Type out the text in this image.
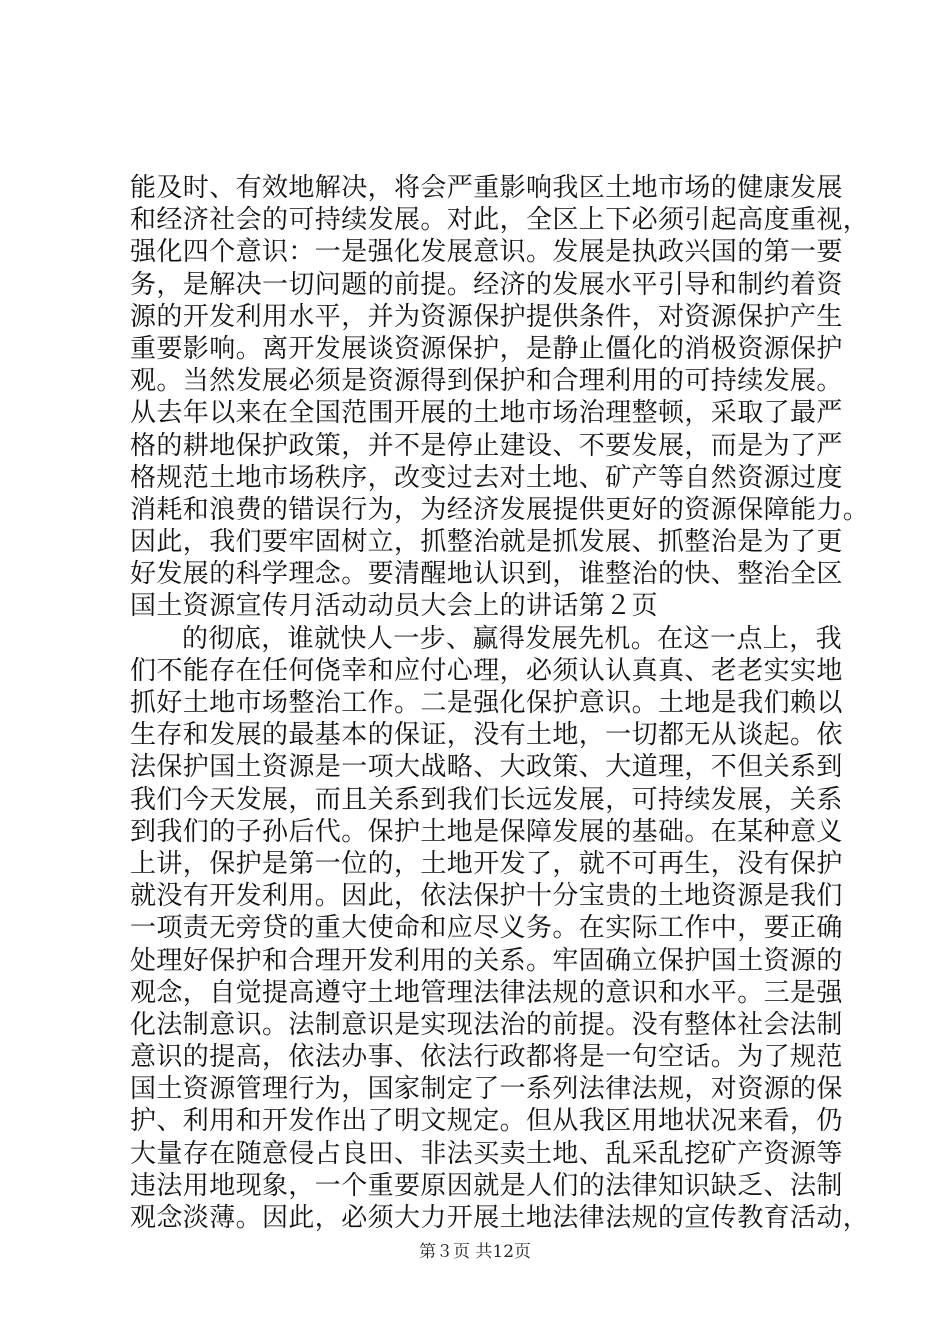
能及时、有效地解决，将会严重影响我区土地市场的健康发展
和经济社会的可持续发展。对此，全区上下必须引起高度重视，
强化四个意识：一是强化发展意识。发展是执政兴国的第一要
务，是解决一切问题的前提。经济的发展水平引导和制约着资
源的开发利用水平，并为资源保护提供条件，对资源保护产生
重要影响。离开发展谈资源保护，是静止僵化的消极资源保护
观。当然发展必须是资源得到保护和合理利用的可持续发展。
从去年以来在全国范围开展的土地市场治理整顿，采取了最严
格的耕地保护政策，并不是停止建设、不要发展，而是为了严
格规范土地市场秩序，改变过去对土地、矿产等自然资源过度
消耗和浪费的错误行为，为经济发展提供更好的资源保障能力。
因此，我们要牢固树立，抓整治就是抓发展、抓整治是为了更
好发展的科学理念。要清醒地认识到，谁整治的快、整治全区
国土资源宣传月活动动员大会上的讲话第２页
的彻底，谁就快人一步、赢得发展先机。在这一点上，我
们不能存在任何侥幸和应付心理，必须认认真真、老老实实地
抓好土地市场整治工作。二是强化保护意识。土地是我们赖以
生存和发展的最基本的保证，没有土地，一切都无从谈起。依
法保护国土资源是一项大战略、大政策、大道理，不但关系到
我们今天发展，而且关系到我们长远发展，可持续发展，关系
到我们的子孙后代。保护土地是保障发展的基础。在某种意义
上讲，保护是第一位的，土地开发了，就不可再生，没有保护
就没有开发利用。因此，依法保护十分宝贵的土地资源是我们
一项责无旁贷的重大使命和应尽义务。在实际工作中，要正确
处理好保护和合理开发利用的关系。牢固确立保护国土资源的
观念，自觉提高遵守土地管理法律法规的意识和水平。三是强
化法制意识。法制意识是实现法治的前提。没有整体社会法制
意识的提高，依法办事、依法行政都将是一句空话。为了规范
国土资源管理行为，国家制定了一系列法律法规，对资源的保
护、利用和开发作出了明文规定。但从我区用地状况来看，仍
大量存在随意侵占良田、非法买卖土地、乱采乱挖矿产资源等
违法用地现象，一个重要原因就是人们的法律知识缺乏、法制
观念淡薄。因此，必须大力开展土地法律法规的宣传教育活动，
第３页 共12页
